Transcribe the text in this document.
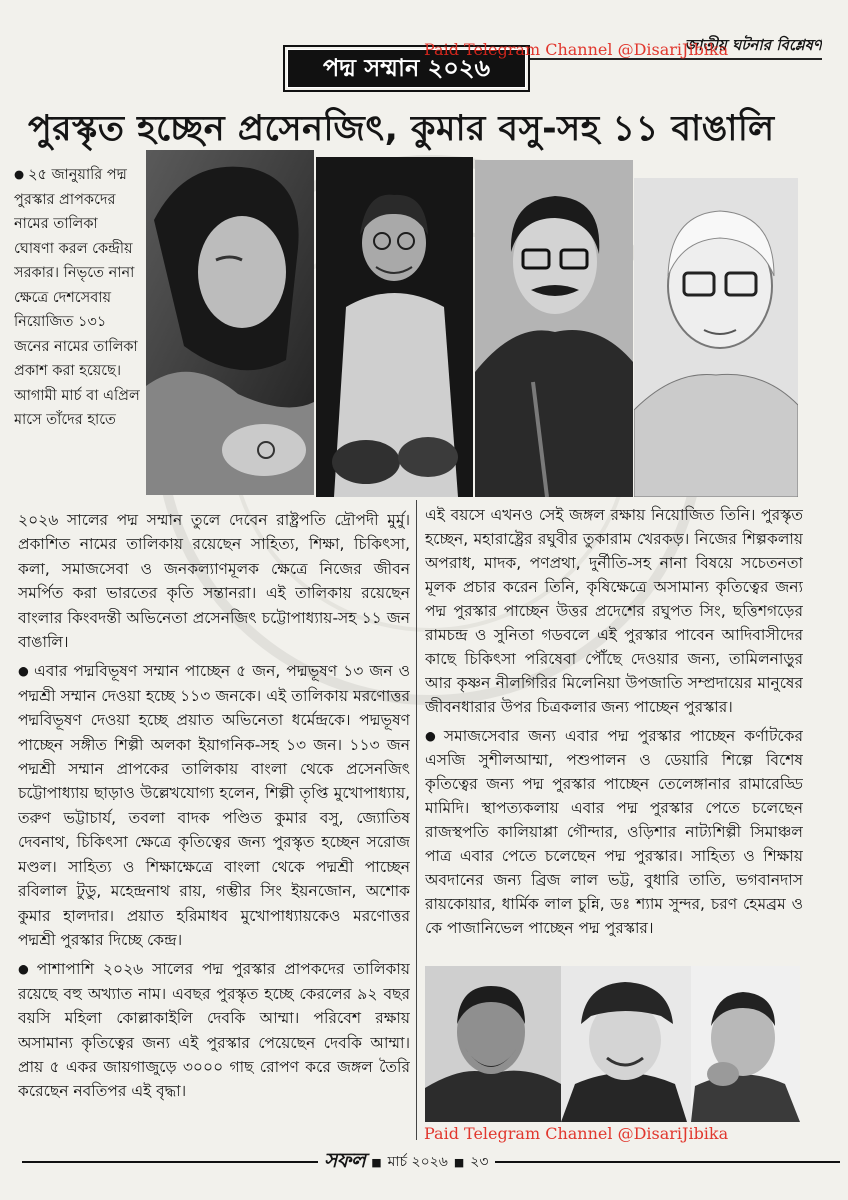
জাতীয় ঘটনার বিশ্লেষণ
Paid Telegram Channel @DisariJibika
পদ্ম সম্মান ২০২৬
পুরস্কৃত হচ্ছেন প্রসেনজিৎ, কুমার বসু-সহ ১১ বাঙালি

● ২৫ জানুয়ারি পদ্ম পুরস্কার প্রাপকদের নামের তালিকা ঘোষণা করল কেন্দ্রীয় সরকার। নিভৃতে নানা ক্ষেত্রে দেশসেবায় নিয়োজিত ১৩১ জনের নামের তালিকা প্রকাশ করা হয়েছে। আগামী মার্চ বা এপ্রিল মাসে তাঁদের হাতে

২০২৬ সালের পদ্ম সম্মান তুলে দেবেন রাষ্ট্রপতি দ্রৌপদী মুর্মু। প্রকাশিত নামের তালিকায় রয়েছেন সাহিত্য, শিক্ষা, চিকিৎসা, কলা, সমাজসেবা ও জনকল্যাণমূলক ক্ষেত্রে নিজের জীবন সমর্পিত করা ভারতের কৃতি সন্তানরা। এই তালিকায় রয়েছেন বাংলার কিংবদন্তী অভিনেতা প্রসেনজিৎ চট্টোপাধ্যায়-সহ ১১ জন বাঙালি।

● এবার পদ্মবিভূষণ সম্মান পাচ্ছেন ৫ জন, পদ্মভূষণ ১৩ জন ও পদ্মশ্রী সম্মান দেওয়া হচ্ছে ১১৩ জনকে। এই তালিকায় মরণোত্তর পদ্মবিভূষণ দেওয়া হচ্ছে প্রয়াত অভিনেতা ধর্মেন্দ্রকে। পদ্মভূষণ পাচ্ছেন সঙ্গীত শিল্পী অলকা ইয়াগনিক-সহ ১৩ জন। ১১৩ জন পদ্মশ্রী সম্মান প্রাপকের তালিকায় বাংলা থেকে প্রসেনজিৎ চট্টোপাধ্যায় ছাড়াও উল্লেখযোগ্য হলেন, শিল্পী তৃপ্তি মুখোপাধ্যায়, তরুণ ভট্টাচার্য, তবলা বাদক পণ্ডিত কুমার বসু, জ্যোতিষ দেবনাথ, চিকিৎসা ক্ষেত্রে কৃতিত্বের জন্য পুরস্কৃত হচ্ছেন সরোজ মণ্ডল। সাহিত্য ও শিক্ষাক্ষেত্রে বাংলা থেকে পদ্মশ্রী পাচ্ছেন রবিলাল টুডু, মহেন্দ্রনাথ রায়, গম্ভীর সিং ইয়নজোন, অশোক কুমার হালদার। প্রয়াত হরিমাধব মুখোপাধ্যায়কেও মরণোত্তর পদ্মশ্রী পুরস্কার দিচ্ছে কেন্দ্র।

● পাশাপাশি ২০২৬ সালের পদ্ম পুরস্কার প্রাপকদের তালিকায় রয়েছে বহু অখ্যাত নাম। এবছর পুরস্কৃত হচ্ছে কেরলের ৯২ বছর বয়সি মহিলা কোল্লাকাইলি দেবকি আম্মা। পরিবেশ রক্ষায় অসামান্য কৃতিত্বের জন্য এই পুরস্কার পেয়েছেন দেবকি আম্মা। প্রায় ৫ একর জায়গাজুড়ে ৩০০০ গাছ রোপণ করে জঙ্গল তৈরি করেছেন নবতিপর এই বৃদ্ধা।

এই বয়সে এখনও সেই জঙ্গল রক্ষায় নিয়োজিত তিনি। পুরস্কৃত হচ্ছেন, মহারাষ্ট্রের রঘুবীর তুকারাম খেরকড়। নিজের শিল্পকলায় অপরাধ, মাদক, পণপ্রথা, দুর্নীতি-সহ নানা বিষয়ে সচেতনতা মূলক প্রচার করেন তিনি, কৃষিক্ষেত্রে অসামান্য কৃতিত্বের জন্য পদ্ম পুরস্কার পাচ্ছেন উত্তর প্রদেশের রঘুপত সিং, ছত্তিশগড়ের রামচন্দ্র ও সুনিতা গডবলে এই পুরস্কার পাবেন আদিবাসীদের কাছে চিকিৎসা পরিষেবা পৌঁছে দেওয়ার জন্য, তামিলনাড়ুর আর কৃষ্ণন নীলগিরির মিলেনিয়া উপজাতি সম্প্রদায়ের মানুষের জীবনধারার উপর চিত্রকলার জন্য পাচ্ছেন পুরস্কার।

● সমাজসেবার জন্য এবার পদ্ম পুরস্কার পাচ্ছেন কর্ণাটকের এসজি সুশীলআম্মা, পশুপালন ও ডেয়ারি শিল্পে বিশেষ কৃতিত্বের জন্য পদ্ম পুরস্কার পাচ্ছেন তেলেঙ্গানার রামারেড্ডি মামিদি। স্থাপত্যকলায় এবার পদ্ম পুরস্কার পেতে চলেছেন রাজস্থপতি কালিয়াপ্পা গৌন্দার, ওড়িশার নাট্যশিল্পী সিমাঞ্চল পাত্র এবার পেতে চলেছেন পদ্ম পুরস্কার। সাহিত্য ও শিক্ষায় অবদানের জন্য ব্রিজ লাল ভট্ট, বুধারি তাতি, ভগবানদাস রায়কোয়ার, ধার্মিক লাল চুন্নি, ডঃ শ্যাম সুন্দর, চরণ হেমব্রম ও কে পাজানিভেল পাচ্ছেন পদ্ম পুরস্কার।

Paid Telegram Channel @DisariJibika
সফল ■ মার্চ ২০২৬ ■ ২৩
